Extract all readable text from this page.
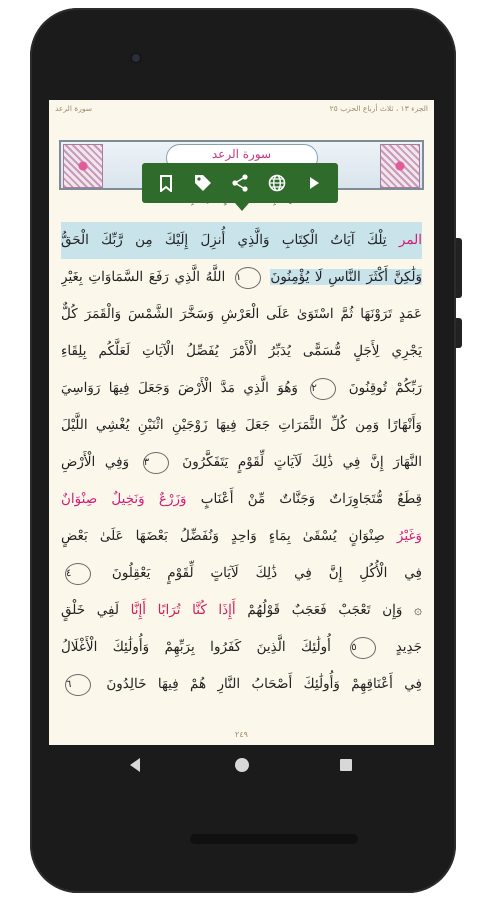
سورة الرعد	الجزء ١٣ ، ثلاث أرباع الحزب ٢٥
سورة الرعد
المر تِلْكَ آيَاتُ الْكِتَابِ وَالَّذِي أُنزِلَ إِلَيْكَ مِن رَّبِّكَ الْحَقُّ
وَلَٰكِنَّ أَكْثَرَ النَّاسِ لَا يُؤْمِنُونَ ١ اللَّهُ الَّذِي رَفَعَ السَّمَاوَاتِ بِغَيْرِ
عَمَدٍ تَرَوْنَهَا ثُمَّ اسْتَوَىٰ عَلَى الْعَرْشِ وَسَخَّرَ الشَّمْسَ وَالْقَمَرَ كُلٌّ
يَجْرِي لِأَجَلٍ مُّسَمًّى يُدَبِّرُ الْأَمْرَ يُفَصِّلُ الْآيَاتِ لَعَلَّكُم بِلِقَاءِ
رَبِّكُمْ تُوقِنُونَ ٢ وَهُوَ الَّذِي مَدَّ الْأَرْضَ وَجَعَلَ فِيهَا رَوَاسِيَ
وَأَنْهَارًا وَمِن كُلِّ الثَّمَرَاتِ جَعَلَ فِيهَا زَوْجَيْنِ اثْنَيْنِ يُغْشِي اللَّيْلَ
النَّهَارَ إِنَّ فِي ذَٰلِكَ لَآيَاتٍ لِّقَوْمٍ يَتَفَكَّرُونَ ٣ وَفِي الْأَرْضِ
قِطَعٌ مُّتَجَاوِرَاتٌ وَجَنَّاتٌ مِّنْ أَعْنَابٍ وَزَرْعٌ وَنَخِيلٌ صِنْوَانٌ
وَغَيْرُ صِنْوَانٍ يُسْقَىٰ بِمَاءٍ وَاحِدٍ وَنُفَضِّلُ بَعْضَهَا عَلَىٰ بَعْضٍ
فِي الْأُكُلِ إِنَّ فِي ذَٰلِكَ لَآيَاتٍ لِّقَوْمٍ يَعْقِلُونَ ٤
۞ وَإِن تَعْجَبْ فَعَجَبٌ قَوْلُهُمْ أَإِذَا كُنَّا تُرَابًا أَإِنَّا لَفِي خَلْقٍ
جَدِيدٍ ٥ أُولَٰئِكَ الَّذِينَ كَفَرُوا بِرَبِّهِمْ وَأُولَٰئِكَ الْأَغْلَالُ
فِي أَعْنَاقِهِمْ وَأُولَٰئِكَ أَصْحَابُ النَّارِ هُمْ فِيهَا خَالِدُونَ ٦
٢٤٩
